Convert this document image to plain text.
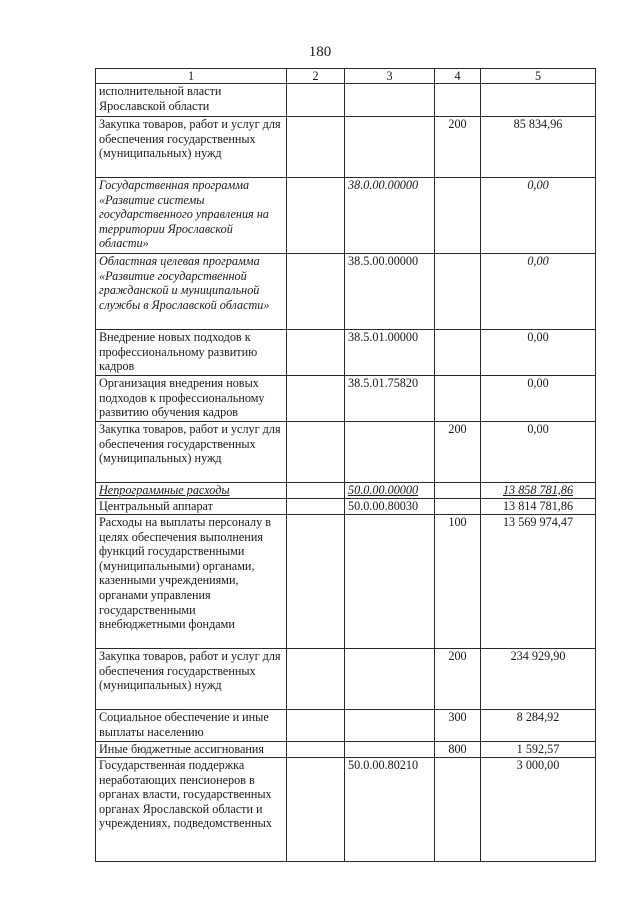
180
1	2	3	4	5
исполнительной власти Ярославской области				
Закупка товаров, работ и услуг для обеспечения государственных (муниципальных) нужд			200	85 834,96
Государственная программа «Развитие системы государственного управления на территории Ярославской области»		38.0.00.00000		0,00
Областная целевая программа «Развитие государственной гражданской и муниципальной службы в Ярославской области»		38.5.00.00000		0,00
Внедрение новых подходов к профессиональному развитию кадров		38.5.01.00000		0,00
Организация внедрения новых подходов к профессиональному развитию обучения кадров		38.5.01.75820		0,00
Закупка товаров, работ и услуг для обеспечения государственных (муниципальных) нужд			200	0,00
Непрограммные расходы		50.0.00.00000		13 858 781,86
Центральный аппарат		50.0.00.80030		13 814 781,86
Расходы на выплаты персоналу в целях обеспечения выполнения функций государственными (муниципальными) органами, казенными учреждениями, органами управления государственными внебюджетными фондами			100	13 569 974,47
Закупка товаров, работ и услуг для обеспечения государственных (муниципальных) нужд			200	234 929,90
Социальное обеспечение и иные выплаты населению			300	8 284,92
Иные бюджетные ассигнования			800	1 592,57
Государственная поддержка неработающих пенсионеров в органах власти, государственных органах Ярославской области и учреждениях, подведомственных		50.0.00.80210		3 000,00
